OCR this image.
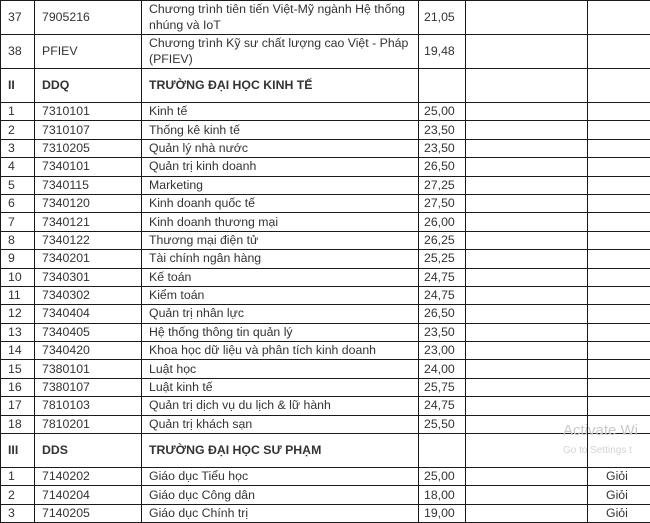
37	7905216	Chương trình tiên tiến Việt-Mỹ ngành Hệ thống nhúng và IoT	21,05		
38	PFIEV	Chương trình Kỹ sư chất lượng cao Việt - Pháp (PFIEV)	19,48		
II	DDQ	TRƯỜNG ĐẠI HỌC KINH TẾ			
1	7310101	Kinh tế	25,00		
2	7310107	Thống kê kinh tế	23,50		
3	7310205	Quản lý nhà nước	23,50		
4	7340101	Quản trị kinh doanh	26,50		
5	7340115	Marketing	27,25		
6	7340120	Kinh doanh quốc tế	27,50		
7	7340121	Kinh doanh thương mại	26,00		
8	7340122	Thương mại điện tử	26,25		
9	7340201	Tài chính ngân hàng	25,25		
10	7340301	Kế toán	24,75		
11	7340302	Kiểm toán	24,75		
12	7340404	Quản trị nhân lực	26,50		
13	7340405	Hệ thống thông tin quản lý	23,50		
14	7340420	Khoa học dữ liệu và phân tích kinh doanh	23,00		
15	7380101	Luật học	24,00		
16	7380107	Luật kinh tế	25,75		
17	7810103	Quản trị dịch vụ du lịch & lữ hành	24,75		
18	7810201	Quản trị khách sạn	25,50		
III	DDS	TRƯỜNG ĐẠI HỌC SƯ PHẠM			
1	7140202	Giáo dục Tiểu học	25,00		Giỏi
2	7140204	Giáo dục Công dân	18,00		Giỏi
3	7140205	Giáo dục Chính trị	19,00		Giỏi
Activate Wi
Go to Settings t
